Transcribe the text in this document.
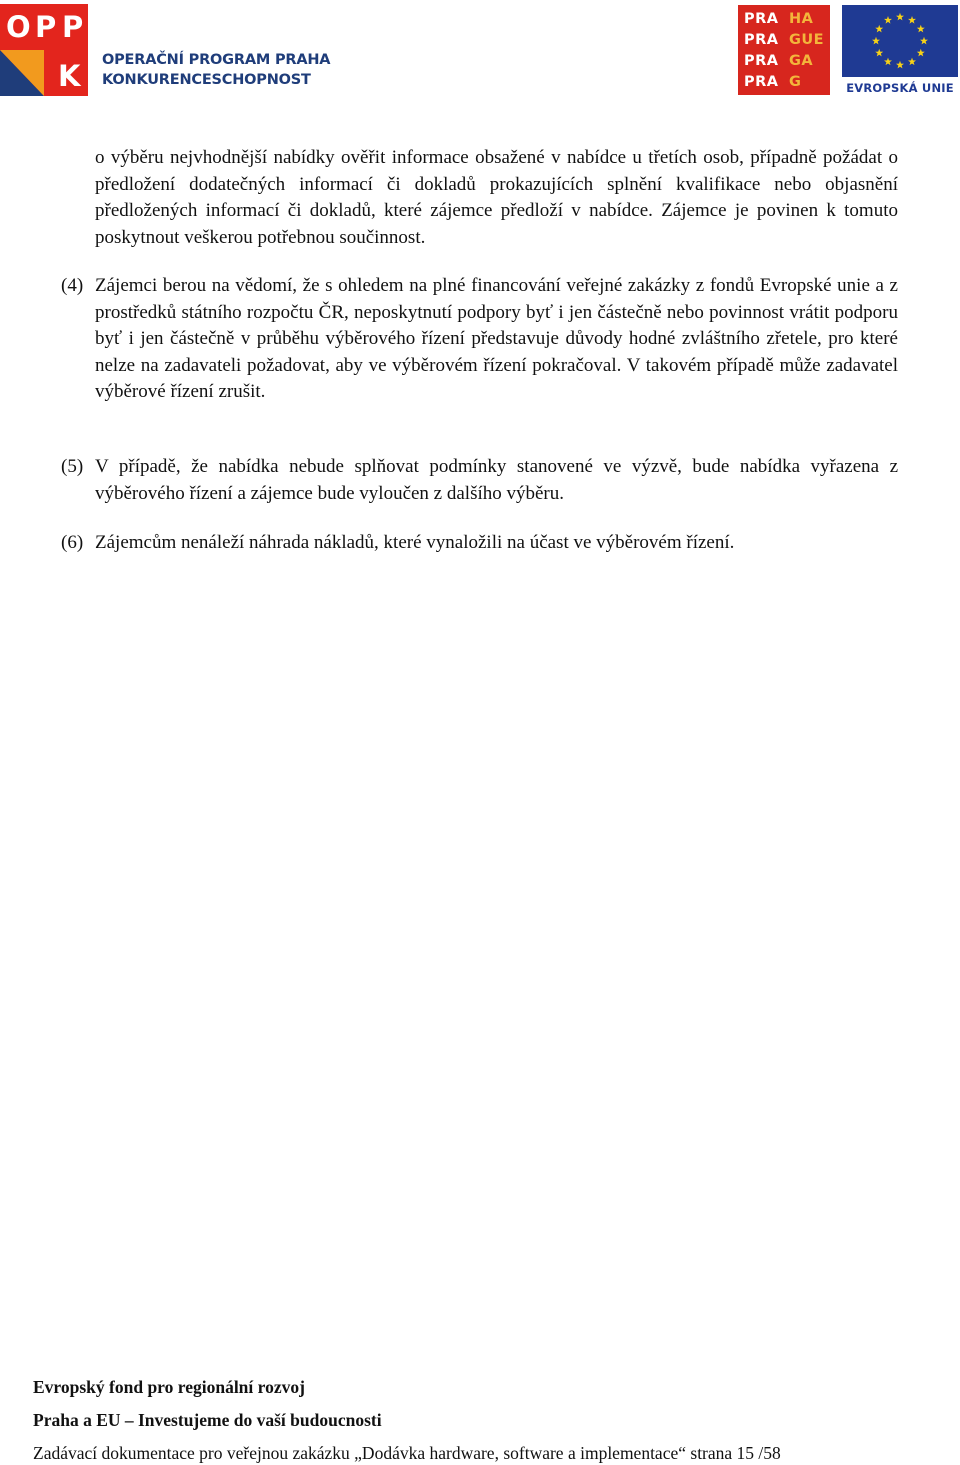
O P P
K OPERAČNÍ PROGRAM PRAHA
KONKURENCESCHOPNOST
PRA HA
PRA GUE
PRA GA
PRA G	EVROPSKÁ UNIE
o výběru nejvhodnější nabídky ověřit informace obsažené v nabídce u třetích osob, případně požádat o předložení dodatečných informací či dokladů prokazujících splnění kvalifikace nebo objasnění předložených informací či dokladů, které zájemce předloží v nabídce. Zájemce je povinen k tomuto poskytnout veškerou potřebnou součinnost.
(4) Zájemci berou na vědomí, že s ohledem na plné financování veřejné zakázky z fondů Evropské unie a z prostředků státního rozpočtu ČR, neposkytnutí podpory byť i jen částečně nebo povinnost vrátit podporu byť i jen částečně v průběhu výběrového řízení představuje důvody hodné zvláštního zřetele, pro které nelze na zadavateli požadovat, aby ve výběrovém řízení pokračoval. V takovém případě může zadavatel výběrové řízení zrušit.
(5) V případě, že nabídka nebude splňovat podmínky stanovené ve výzvě, bude nabídka vyřazena z výběrového řízení a zájemce bude vyloučen z dalšího výběru.
(6) Zájemcům nenáleží náhrada nákladů, které vynaložili na účast ve výběrovém řízení.
Evropský fond pro regionální rozvoj
Praha a EU – Investujeme do vaší budoucnosti
Zadávací dokumentace pro veřejnou zakázku „Dodávka hardware, software a implementace“ strana 15 /58
